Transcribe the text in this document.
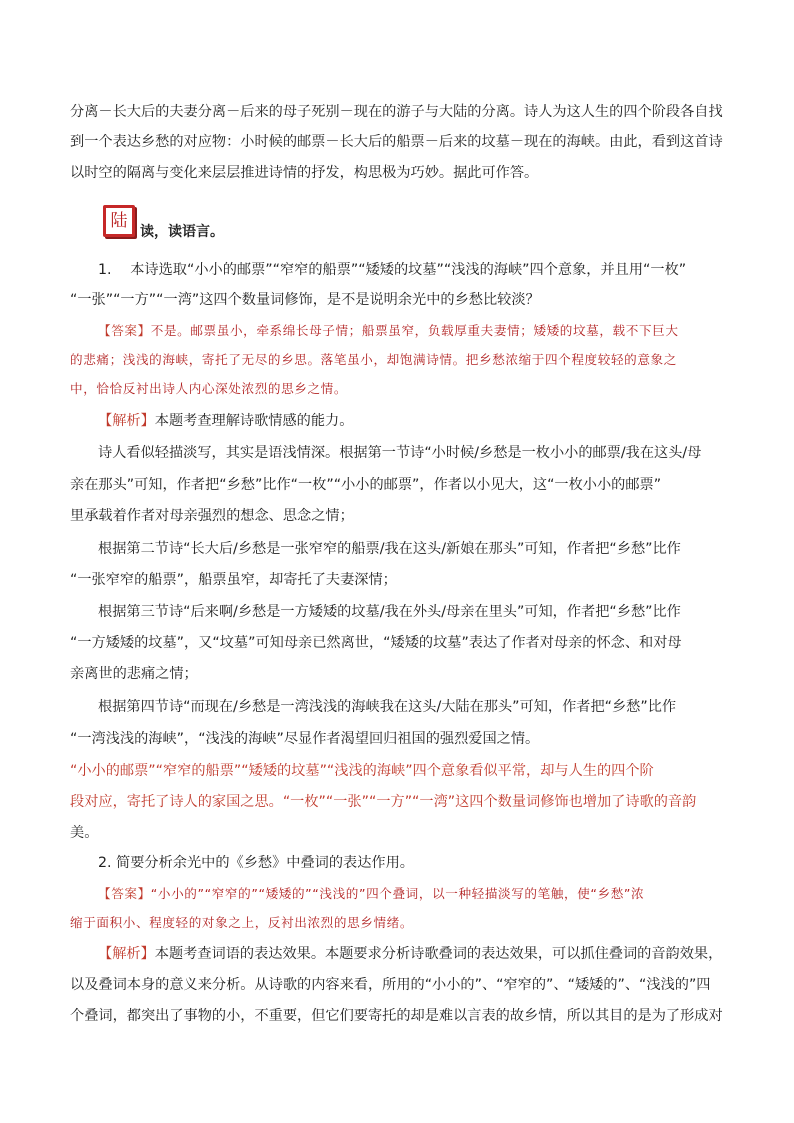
分离－长大后的夫妻分离－后来的母子死别－现在的游子与大陆的分离。诗人为这人生的四个阶段各自找
到一个表达乡愁的对应物：小时候的邮票－长大后的船票－后来的坟墓－现在的海峡。由此，看到这首诗
以时空的隔离与变化来层层推进诗情的抒发，构思极为巧妙。据此可作答。
陆
读，读语言。
1.　 本诗选取“小小的邮票”“窄窄的船票”“矮矮的坟墓”“浅浅的海峡”四个意象，并且用“一枚”
“一张”“一方”“一湾”这四个数量词修饰，是不是说明余光中的乡愁比较淡？
【答案】不是。邮票虽小，牵系绵长母子情；船票虽窄，负载厚重夫妻情；矮矮的坟墓，载不下巨大
的悲痛；浅浅的海峡，寄托了无尽的乡思。落笔虽小，却饱满诗情。把乡愁浓缩于四个程度较轻的意象之
中，恰恰反衬出诗人内心深处浓烈的思乡之情。
【解析】本题考查理解诗歌情感的能力。
诗人看似轻描淡写，其实是语浅情深。根据第一节诗“小时候/乡愁是一枚小小的邮票/我在这头/母
亲在那头”可知，作者把“乡愁”比作“一枚”“小小的邮票”，作者以小见大，这“一枚小小的邮票”
里承载着作者对母亲强烈的想念、思念之情；
根据第二节诗“长大后/乡愁是一张窄窄的船票/我在这头/新娘在那头”可知，作者把“乡愁”比作
“一张窄窄的船票”，船票虽窄，却寄托了夫妻深情；
根据第三节诗“后来啊/乡愁是一方矮矮的坟墓/我在外头/母亲在里头”可知，作者把“乡愁”比作
“一方矮矮的坟墓”，又“坟墓”可知母亲已然离世，“矮矮的坟墓”表达了作者对母亲的怀念、和对母
亲离世的悲痛之情；
根据第四节诗“而现在/乡愁是一湾浅浅的海峡我在这头/大陆在那头”可知，作者把“乡愁”比作
“一湾浅浅的海峡”，“浅浅的海峡”尽显作者渴望回归祖国的强烈爱国之情。
“小小的邮票”“窄窄的船票”“矮矮的坟墓”“浅浅的海峡”四个意象看似平常，却与人生的四个阶
段对应，寄托了诗人的家国之思。“一枚”“一张”“一方”“一湾”这四个数量词修饰也增加了诗歌的音韵
美。
2. 简要分析余光中的《乡愁》中叠词的表达作用。
【答案】“小小的”“窄窄的”“矮矮的”“浅浅的”四个叠词，以一种轻描淡写的笔触，使“乡愁”浓
缩于面积小、程度轻的对象之上，反衬出浓烈的思乡情绪。
【解析】本题考查词语的表达效果。本题要求分析诗歌叠词的表达效果，可以抓住叠词的音韵效果，
以及叠词本身的意义来分析。从诗歌的内容来看，所用的“小小的”、“窄窄的”、“矮矮的”、“浅浅的”四
个叠词，都突出了事物的小，不重要，但它们要寄托的却是难以言表的故乡情，所以其目的是为了形成对
